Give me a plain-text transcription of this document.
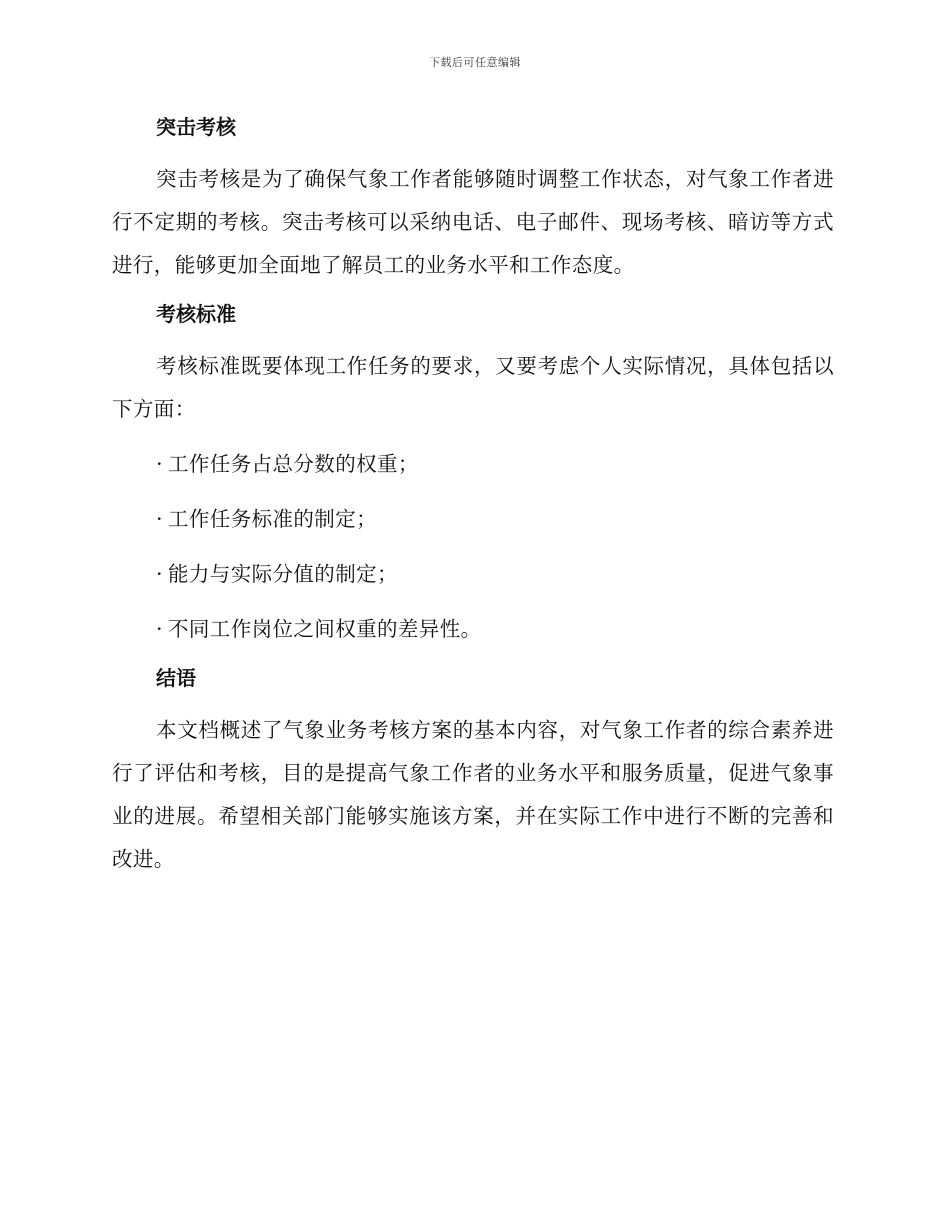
下载后可任意编辑
突击考核

突击考核是为了确保气象工作者能够随时调整工作状态，对气象工作者进行不定期的考核。突击考核可以采纳电话、电子邮件、现场考核、暗访等方式进行，能够更加全面地了解员工的业务水平和工作态度。

考核标准

考核标准既要体现工作任务的要求，又要考虑个人实际情况，具体包括以下方面：

· 工作任务占总分数的权重；
· 工作任务标准的制定；
· 能力与实际分值的制定；
· 不同工作岗位之间权重的差异性。
结语

本文档概述了气象业务考核方案的基本内容，对气象工作者的综合素养进行了评估和考核，目的是提高气象工作者的业务水平和服务质量，促进气象事业的进展。希望相关部门能够实施该方案，并在实际工作中进行不断的完善和改进。
